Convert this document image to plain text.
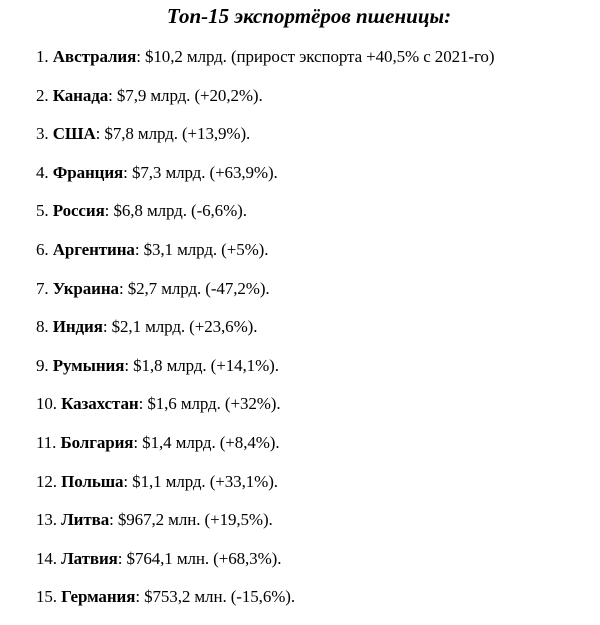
Топ-15 экспортёров пшеницы:
1. Австралия: $10,2 млрд. (прирост экспорта +40,5% с 2021-го)
2. Канада: $7,9 млрд. (+20,2%).
3. США: $7,8 млрд. (+13,9%).
4. Франция: $7,3 млрд. (+63,9%).
5. Россия: $6,8 млрд. (-6,6%).
6. Аргентина: $3,1 млрд. (+5%).
7. Украина: $2,7 млрд. (-47,2%).
8. Индия: $2,1 млрд. (+23,6%).
9. Румыния: $1,8 млрд. (+14,1%).
10. Казахстан: $1,6 млрд. (+32%).
11. Болгария: $1,4 млрд. (+8,4%).
12. Польша: $1,1 млрд. (+33,1%).
13. Литва: $967,2 млн. (+19,5%).
14. Латвия: $764,1 млн. (+68,3%).
15. Германия: $753,2 млн. (-15,6%).
